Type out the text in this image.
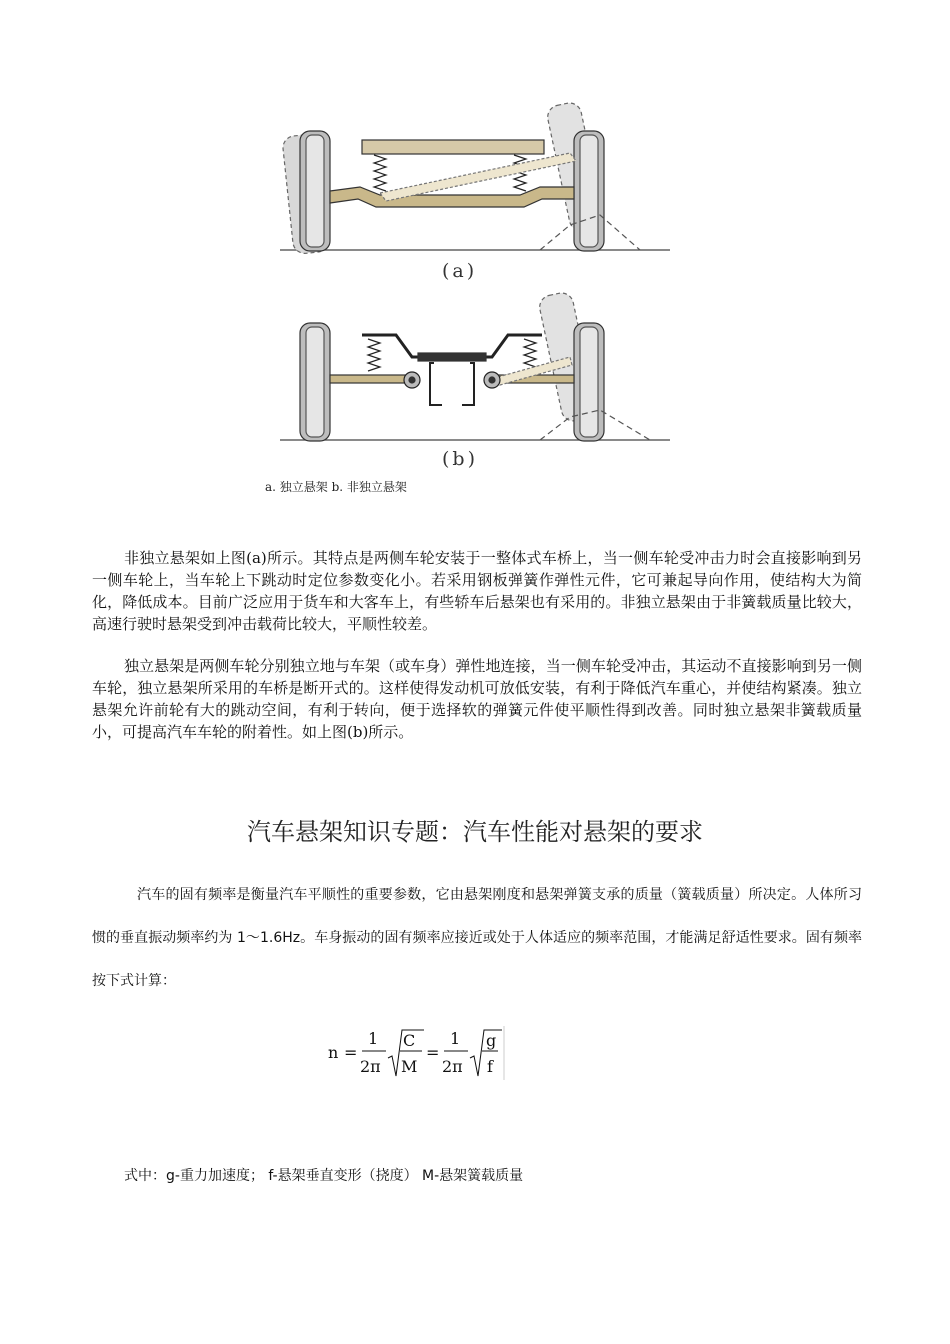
(a)
(b)
a. 独立悬架 b. 非独立悬架

非独立悬架如上图(a)所示。其特点是两侧车轮安装于一整体式车桥上，当一侧车轮受冲击力时会直接影响到另一侧车轮上，当车轮上下跳动时定位参数变化小。若采用钢板弹簧作弹性元件，它可兼起导向作用，使结构大为简化，降低成本。目前广泛应用于货车和大客车上，有些轿车后悬架也有采用的。非独立悬架由于非簧载质量比较大，高速行驶时悬架受到冲击载荷比较大，平顺性较差。

独立悬架是两侧车轮分别独立地与车架（或车身）弹性地连接，当一侧车轮受冲击，其运动不直接影响到另一侧车轮，独立悬架所采用的车桥是断开式的。这样使得发动机可放低安装，有利于降低汽车重心，并使结构紧凑。独立悬架允许前轮有大的跳动空间，有利于转向，便于选择软的弹簧元件使平顺性得到改善。同时独立悬架非簧载质量小，可提高汽车车轮的附着性。如上图(b)所示。

汽车悬架知识专题：汽车性能对悬架的要求

汽车的固有频率是衡量汽车平顺性的重要参数，它由悬架刚度和悬架弹簧支承的质量（簧载质量）所决定。人体所习惯的垂直振动频率约为 1～1.6Hz。车身振动的固有频率应接近或处于人体适应的频率范围，才能满足舒适性要求。固有频率按下式计算：

n =
1
2π
C
M
=
1
2π
g
f
式中：g-重力加速度； f-悬架垂直变形（挠度） M-悬架簧载质量
